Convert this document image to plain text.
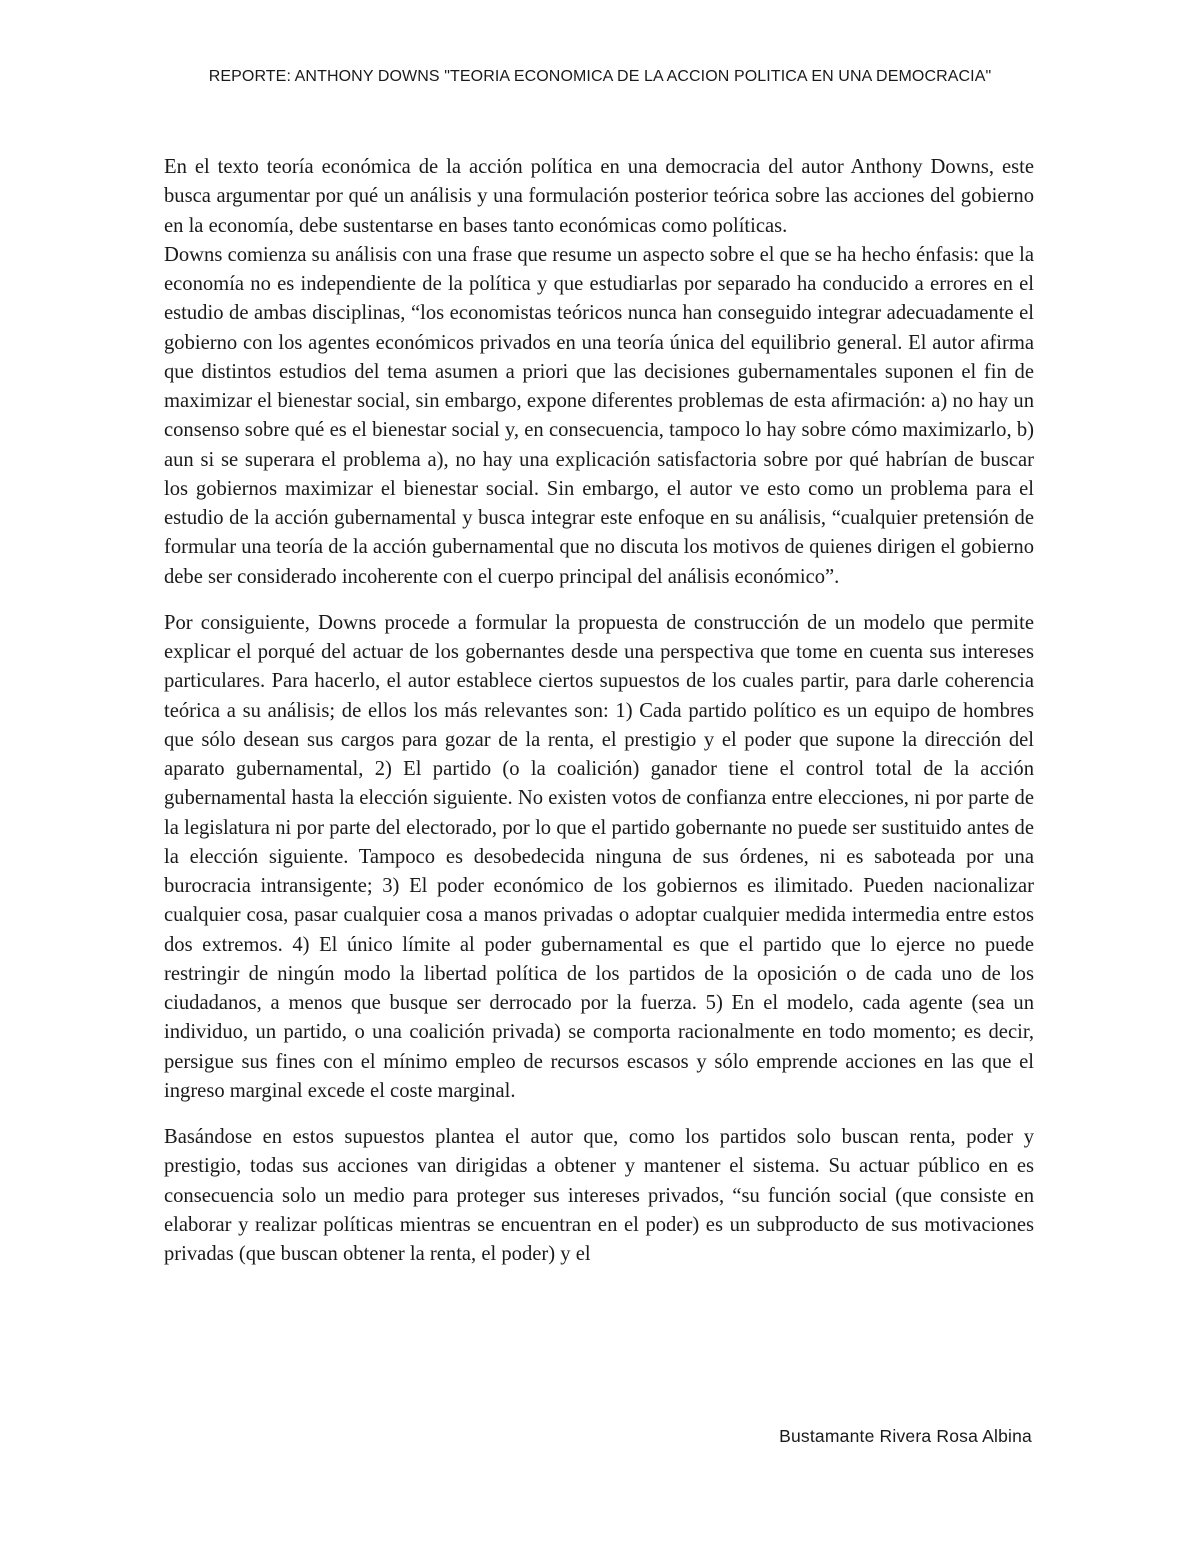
REPORTE: ANTHONY DOWNS "TEORIA ECONOMICA DE LA ACCION POLITICA EN UNA DEMOCRACIA"

En el texto teoría económica de la acción política en una democracia del autor Anthony Downs, este busca argumentar por qué un análisis y una formulación posterior teórica sobre las acciones del gobierno en la economía, debe sustentarse en bases tanto económicas como políticas.

Downs comienza su análisis con una frase que resume un aspecto sobre el que se ha hecho énfasis: que la economía no es independiente de la política y que estudiarlas por separado ha conducido a errores en el estudio de ambas disciplinas, “los economistas teóricos nunca han conseguido integrar adecuadamente el gobierno con los agentes económicos privados en una teoría única del equilibrio general. El autor afirma que distintos estudios del tema asumen a priori que las decisiones gubernamentales suponen el fin de maximizar el bienestar social, sin embargo, expone diferentes problemas de esta afirmación: a) no hay un consenso sobre qué es el bienestar social y, en consecuencia, tampoco lo hay sobre cómo maximizarlo, b) aun si se superara el problema a), no hay una explicación satisfactoria sobre por qué habrían de buscar los gobiernos maximizar el bienestar social. Sin embargo, el autor ve esto como un problema para el estudio de la acción gubernamental y busca integrar este enfoque en su análisis, “cualquier pretensión de formular una teoría de la acción gubernamental que no discuta los motivos de quienes dirigen el gobierno debe ser considerado incoherente con el cuerpo principal del análisis económico”.

Por consiguiente, Downs procede a formular la propuesta de construcción de un modelo que permite explicar el porqué del actuar de los gobernantes desde una perspectiva que tome en cuenta sus intereses particulares. Para hacerlo, el autor establece ciertos supuestos de los cuales partir, para darle coherencia teórica a su análisis; de ellos los más relevantes son: 1) Cada partido político es un equipo de hombres que sólo desean sus cargos para gozar de la renta, el prestigio y el poder que supone la dirección del aparato gubernamental, 2) El partido (o la coalición) ganador tiene el control total de la acción gubernamental hasta la elección siguiente. No existen votos de confianza entre elecciones, ni por parte de la legislatura ni por parte del electorado, por lo que el partido gobernante no puede ser sustituido antes de la elección siguiente. Tampoco es desobedecida ninguna de sus órdenes, ni es saboteada por una burocracia intransigente; 3) El poder económico de los gobiernos es ilimitado. Pueden nacionalizar cualquier cosa, pasar cualquier cosa a manos privadas o adoptar cualquier medida intermedia entre estos dos extremos. 4) El único límite al poder gubernamental es que el partido que lo ejerce no puede restringir de ningún modo la libertad política de los partidos de la oposición o de cada uno de los ciudadanos, a menos que busque ser derrocado por la fuerza. 5) En el modelo, cada agente (sea un individuo, un partido, o una coalición privada) se comporta racionalmente en todo momento; es decir, persigue sus fines con el mínimo empleo de recursos escasos y sólo emprende acciones en las que el ingreso marginal excede el coste marginal.

Basándose en estos supuestos plantea el autor que, como los partidos solo buscan renta, poder y prestigio, todas sus acciones van dirigidas a obtener y mantener el sistema. Su actuar público en es consecuencia solo un medio para proteger sus intereses privados, “su función social (que consiste en elaborar y realizar políticas mientras se encuentran en el poder) es un subproducto de sus motivaciones privadas (que buscan obtener la renta, el poder) y el

Bustamante Rivera Rosa Albina
